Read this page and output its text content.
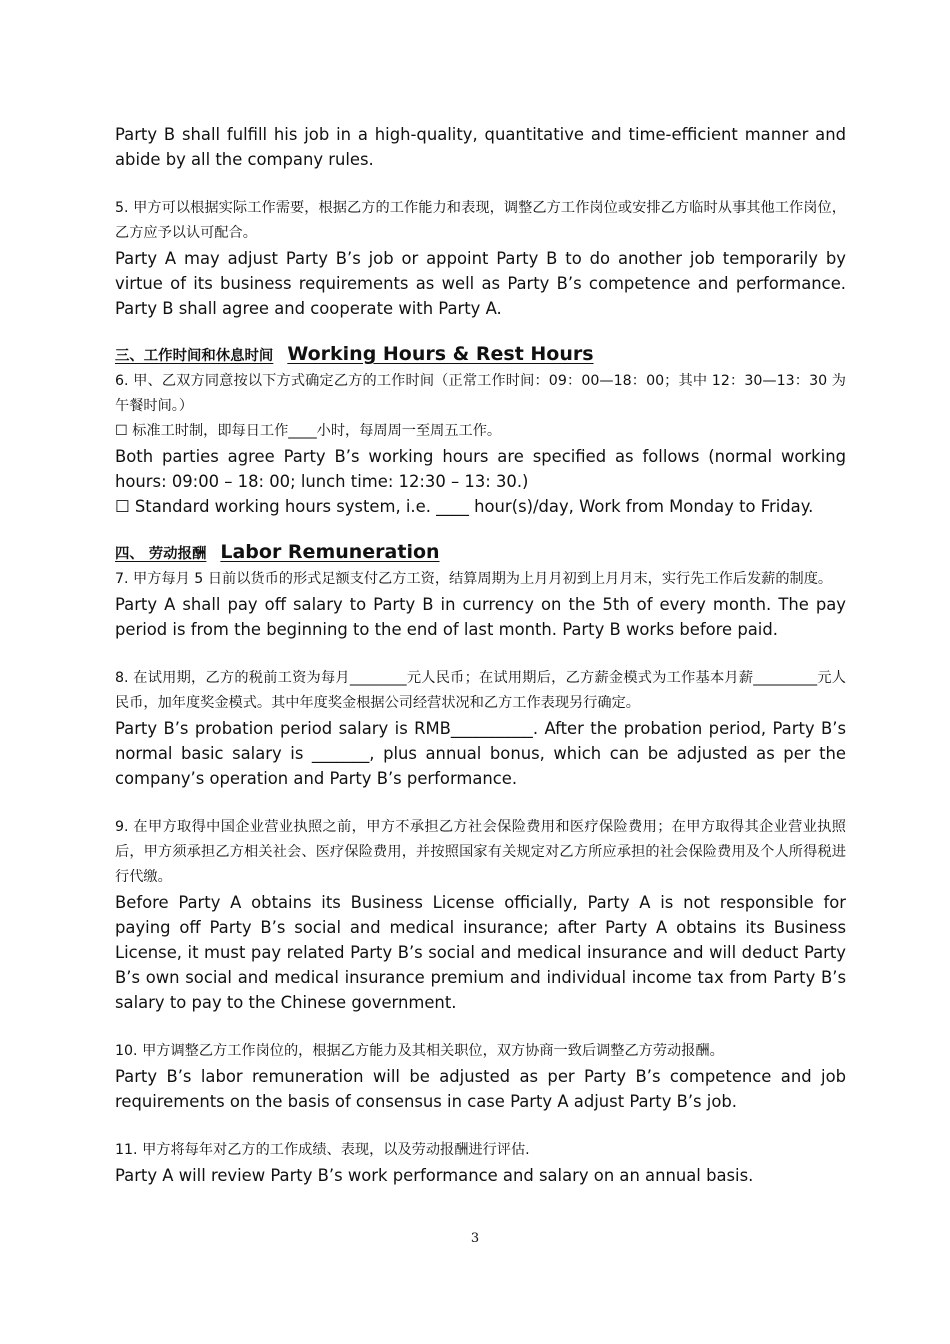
Party B shall fulfill his job in a high-quality, quantitative and time-efficient manner and abide by all the company rules.

5. 甲方可以根据实际工作需要，根据乙方的工作能力和表现，调整乙方工作岗位或安排乙方临时从事其他工作岗位，乙方应予以认可配合。

Party A may adjust Party B’s job or appoint Party B to do another job temporarily by virtue of its business requirements as well as Party B’s competence and performance. Party B shall agree and cooperate with Party A.

三、工作时间和休息时间 Working Hours & Rest Hours

6. 甲、乙双方同意按以下方式确定乙方的工作时间（正常工作时间：09：00—18：00；其中 12：30—13：30 为午餐时间。）

☐ 标准工时制，即每日工作____小时，每周周一至周五工作。

Both parties agree Party B’s working hours are specified as follows (normal working hours: 09:00 – 18: 00; lunch time: 12:30 – 13: 30.)

☐ Standard working hours system, i.e. ____ hour(s)/day, Work from Monday to Friday.

四、 劳动报酬 Labor Remuneration

7. 甲方每月 5 日前以货币的形式足额支付乙方工资，结算周期为上月月初到上月月末，实行先工作后发薪的制度。

Party A shall pay off salary to Party B in currency on the 5th of every month. The pay period is from the beginning to the end of last month. Party B works before paid.

8. 在试用期，乙方的税前工资为每月________元人民币；在试用期后，乙方薪金模式为工作基本月薪_________元人民币，加年度奖金模式。其中年度奖金根据公司经营状况和乙方工作表现另行确定。

Party B’s probation period salary is RMB__________. After the probation period, Party B’s normal basic salary is _______, plus annual bonus, which can be adjusted as per the company’s operation and Party B’s performance.

9. 在甲方取得中国企业营业执照之前，甲方不承担乙方社会保险费用和医疗保险费用；在甲方取得其企业营业执照后，甲方须承担乙方相关社会、医疗保险费用，并按照国家有关规定对乙方所应承担的社会保险费用及个人所得税进行代缴。

Before Party A obtains its Business License officially, Party A is not responsible for paying off Party B’s social and medical insurance; after Party A obtains its Business License, it must pay related Party B’s social and medical insurance and will deduct Party B’s own social and medical insurance premium and individual income tax from Party B’s salary to pay to the Chinese government.

10. 甲方调整乙方工作岗位的，根据乙方能力及其相关职位，双方协商一致后调整乙方劳动报酬。

Party B’s labor remuneration will be adjusted as per Party B’s competence and job requirements on the basis of consensus in case Party A adjust Party B’s job.

11. 甲方将每年对乙方的工作成绩、表现，以及劳动报酬进行评估.

Party A will review Party B’s work performance and salary on an annual basis.

3
